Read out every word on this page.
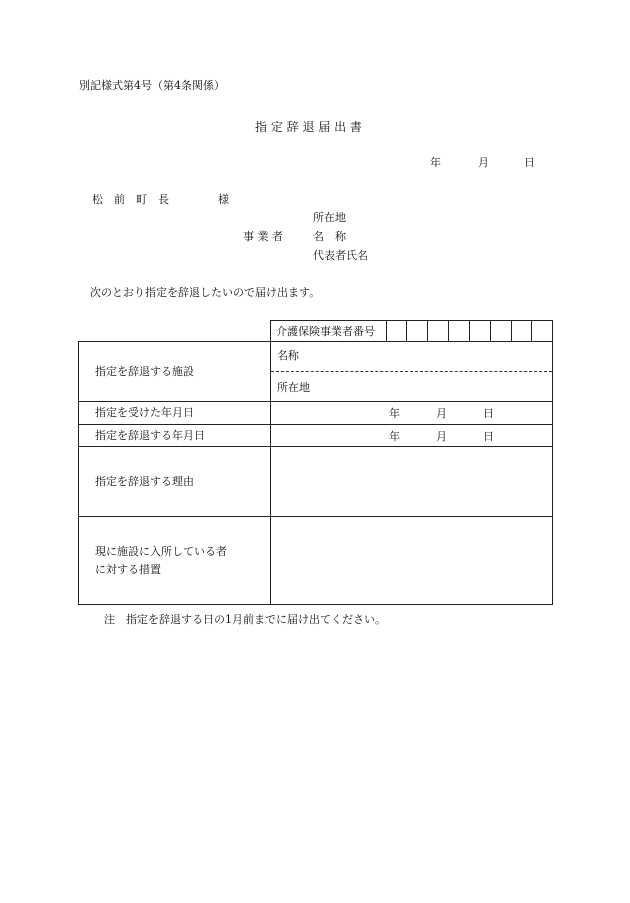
別記様式第4号（第4条関係）
指 定 辞 退 届 出 書
年	月	日
松　前　町　長	様
所在地
事 業 者	名　称
代表者氏名
次のとおり指定を辞退したいので届け出ます。
	介護保険事業者番号								
指定を辞退する施設	名称
所在地								

指定を受けた年月日	年 月 日								

指定を辞退する年月日	年 月 日								

指定を辞退する理由									

現に施設に入所している者
に対する措置									

注　指定を辞退する日の1月前までに届け出てください。
